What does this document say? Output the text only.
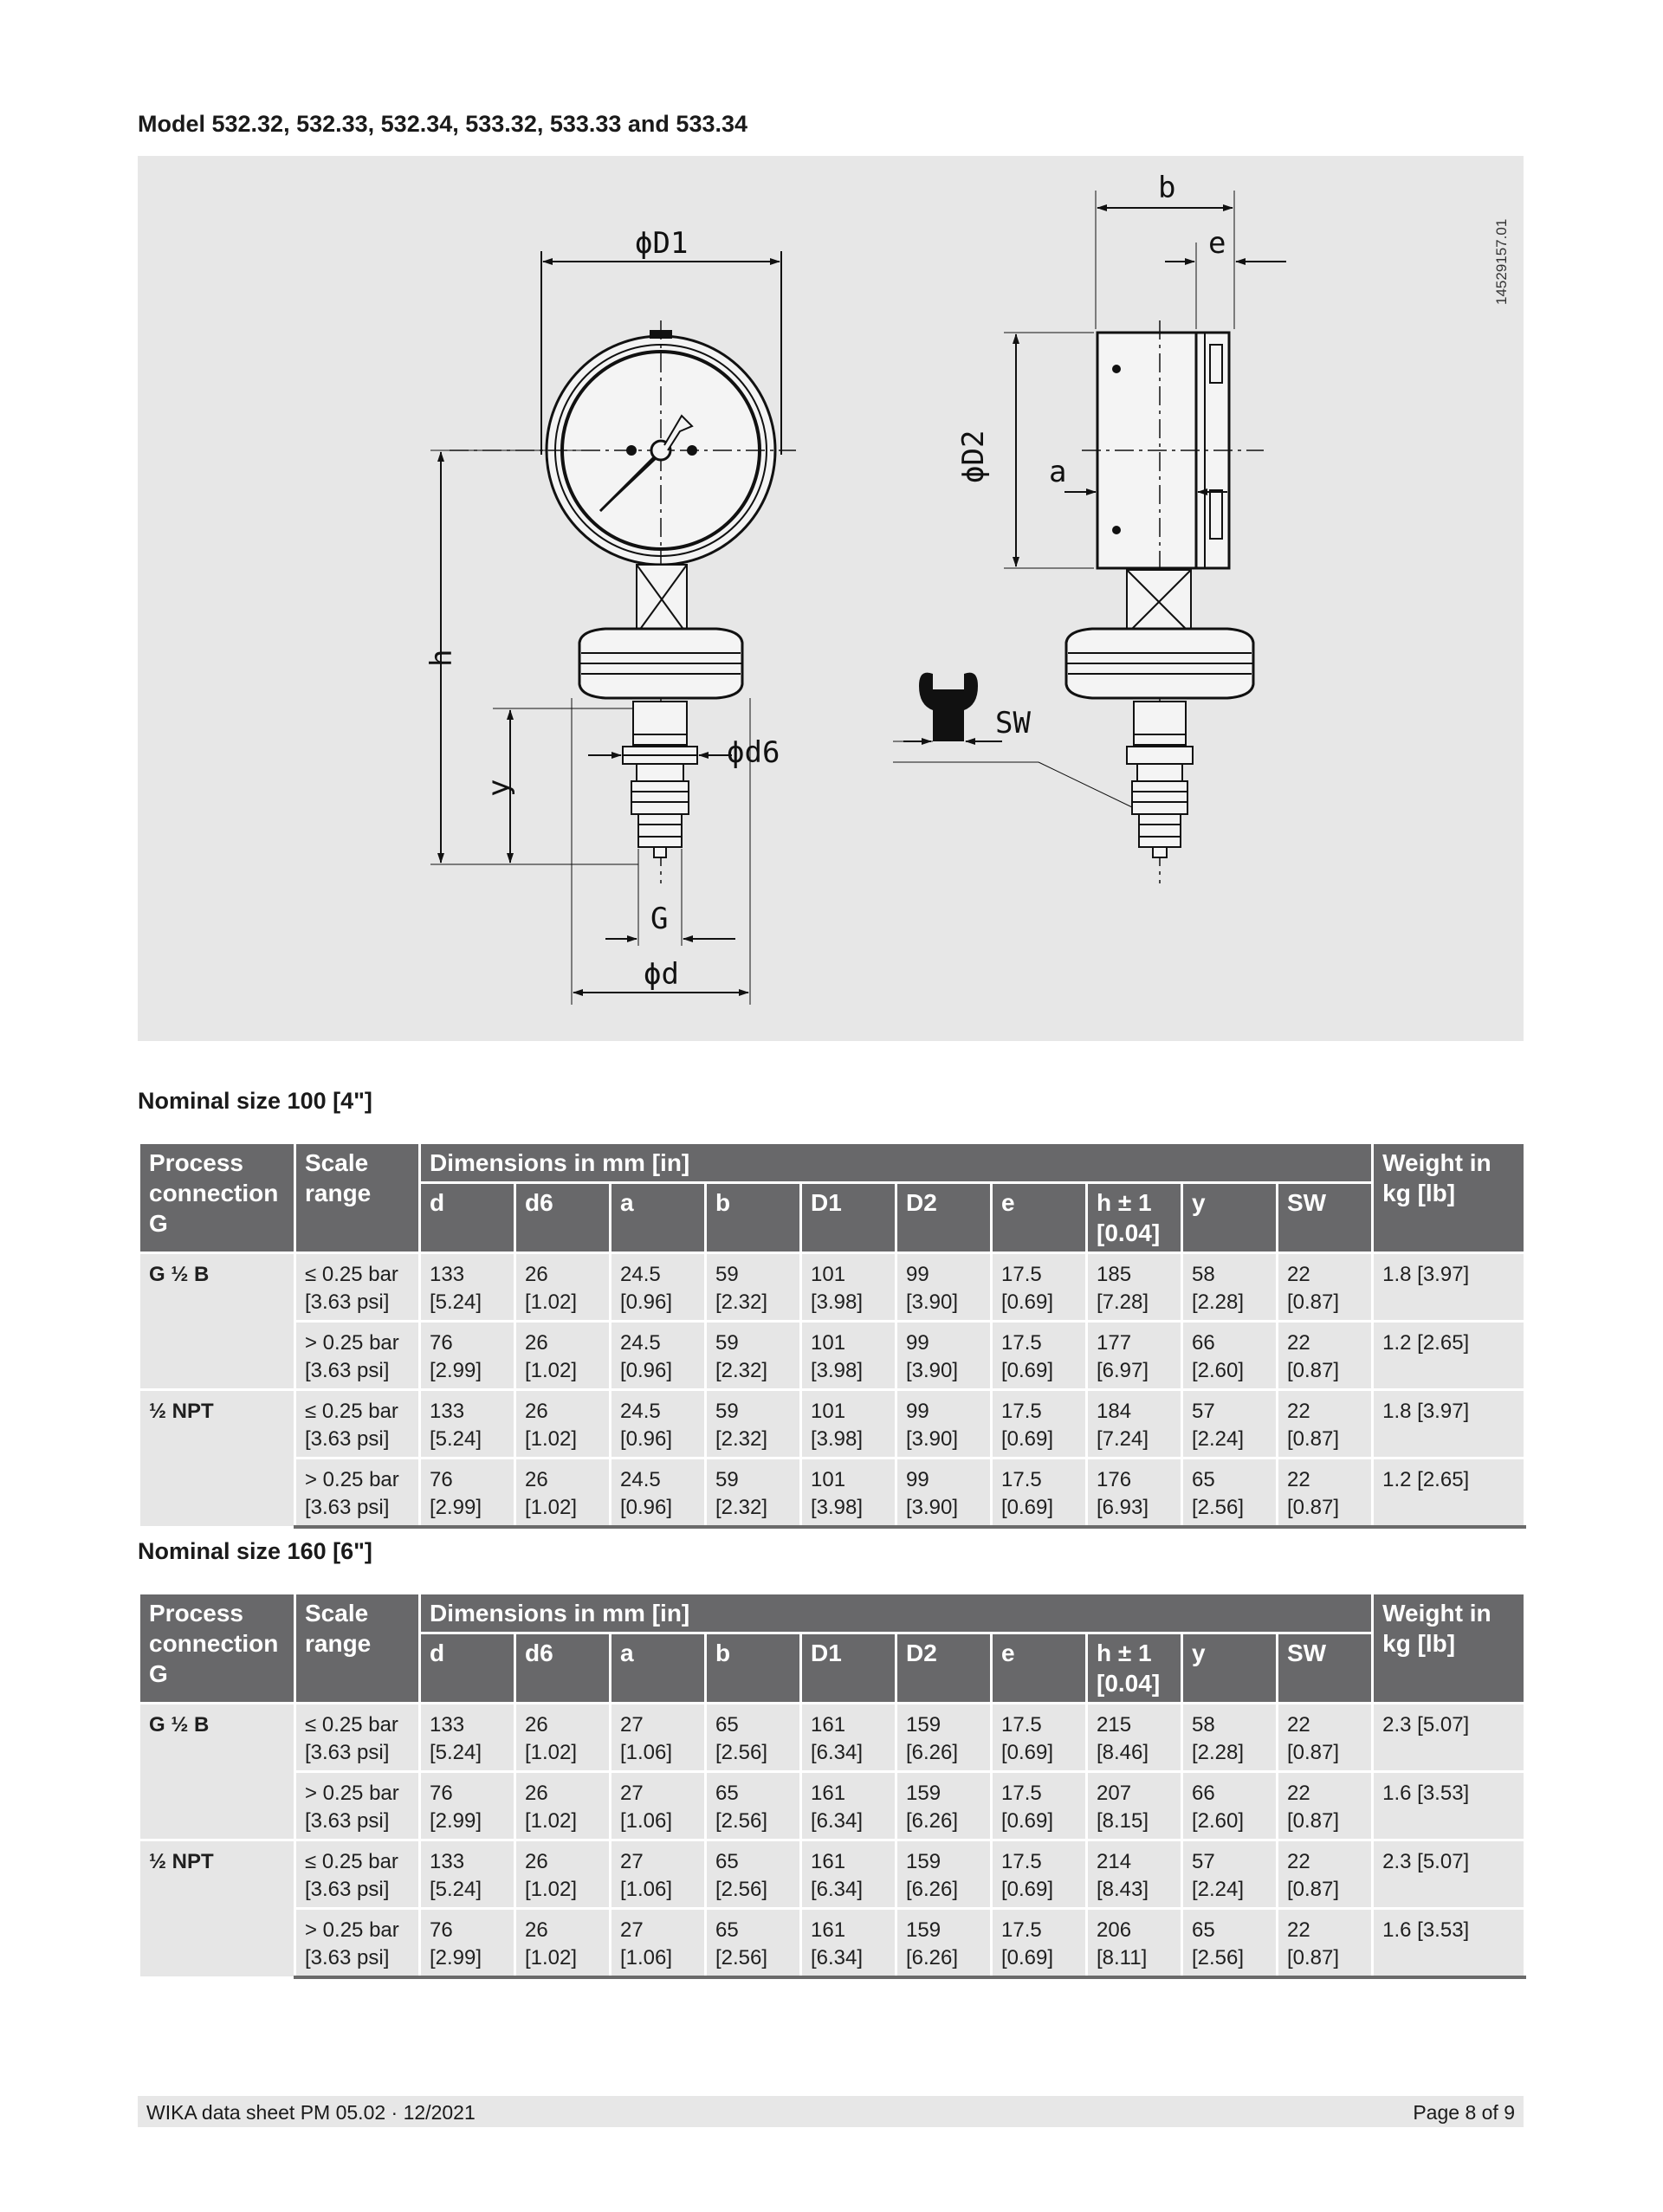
Model 532.32, 532.33, 532.34, 533.32, 533.33 and 533.34
ϕD1
b
e
ϕD2 a
h
y
ϕd6
G
ϕd
SW
14529157.01
Nominal size 100 [4"]
Process connection G	Scale range	Dimensions in mm [in]										Weight in kg [lb]
		d	d6	a	b	D1	D2	e	h ± 1 [0.04]	y	SW	
G ½ B	≤ 0.25 bar [3.63 psi]	133 [5.24]	26 [1.02]	24.5 [0.96]	59 [2.32]	101 [3.98]	99 [3.90]	17.5 [0.69]	185 [7.28]	58 [2.28]	22 [0.87]	1.8 [3.97]
	> 0.25 bar [3.63 psi]	76 [2.99]	26 [1.02]	24.5 [0.96]	59 [2.32]	101 [3.98]	99 [3.90]	17.5 [0.69]	177 [6.97]	66 [2.60]	22 [0.87]	1.2 [2.65]
½ NPT	≤ 0.25 bar [3.63 psi]	133 [5.24]	26 [1.02]	24.5 [0.96]	59 [2.32]	101 [3.98]	99 [3.90]	17.5 [0.69]	184 [7.24]	57 [2.24]	22 [0.87]	1.8 [3.97]
	> 0.25 bar [3.63 psi]	76 [2.99]	26 [1.02]	24.5 [0.96]	59 [2.32]	101 [3.98]	99 [3.90]	17.5 [0.69]	176 [6.93]	65 [2.56]	22 [0.87]	1.2 [2.65]
Nominal size 160 [6"]
Process connection G	Scale range	Dimensions in mm [in]										Weight in kg [lb]
		d	d6	a	b	D1	D2	e	h ± 1 [0.04]	y	SW	
G ½ B	≤ 0.25 bar [3.63 psi]	133 [5.24]	26 [1.02]	27 [1.06]	65 [2.56]	161 [6.34]	159 [6.26]	17.5 [0.69]	215 [8.46]	58 [2.28]	22 [0.87]	2.3 [5.07]
	> 0.25 bar [3.63 psi]	76 [2.99]	26 [1.02]	27 [1.06]	65 [2.56]	161 [6.34]	159 [6.26]	17.5 [0.69]	207 [8.15]	66 [2.60]	22 [0.87]	1.6 [3.53]
½ NPT	≤ 0.25 bar [3.63 psi]	133 [5.24]	26 [1.02]	27 [1.06]	65 [2.56]	161 [6.34]	159 [6.26]	17.5 [0.69]	214 [8.43]	57 [2.24]	22 [0.87]	2.3 [5.07]
	> 0.25 bar [3.63 psi]	76 [2.99]	26 [1.02]	27 [1.06]	65 [2.56]	161 [6.34]	159 [6.26]	17.5 [0.69]	206 [8.11]	65 [2.56]	22 [0.87]	1.6 [3.53]
WIKA data sheet PM 05.02 · 12/2021	Page 8 of 9
